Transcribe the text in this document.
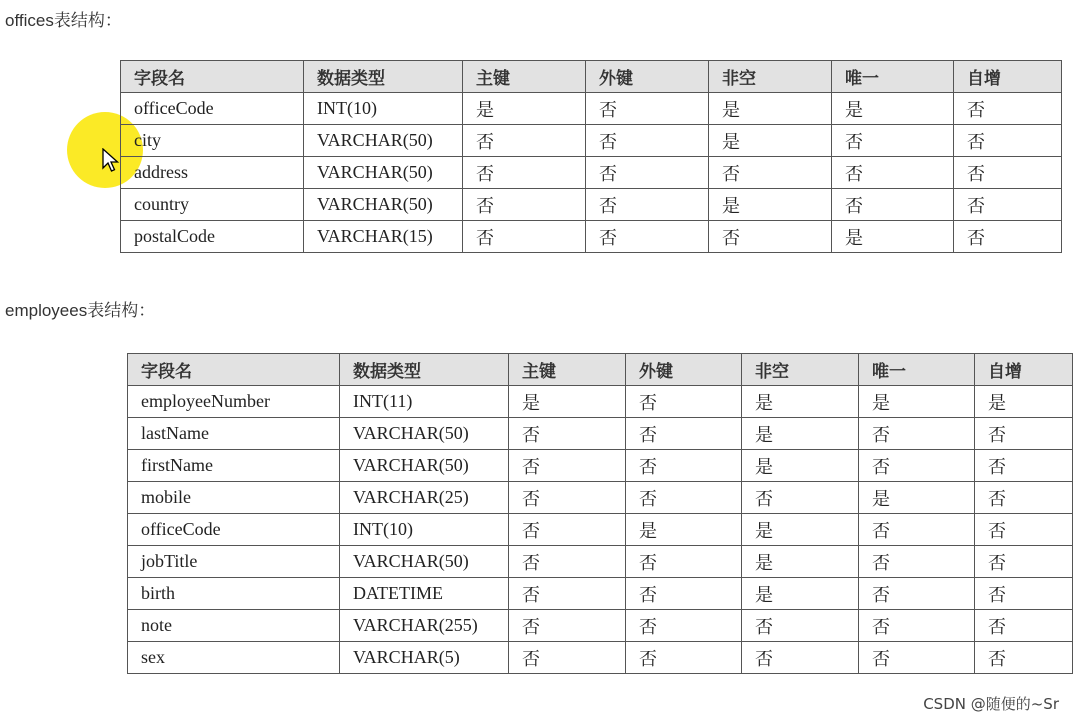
offices表结构：
字段名	数据类型	主键	外键	非空	唯一	自增
officeCode	INT(10)	是	否	是	是	否
city	VARCHAR(50)	否	否	是	否	否
address	VARCHAR(50)	否	否	否	否	否
country	VARCHAR(50)	否	否	是	否	否
postalCode	VARCHAR(15)	否	否	否	是	否
employees表结构：
字段名	数据类型	主键	外键	非空	唯一	自增
employeeNumber	INT(11)	是	否	是	是	是
lastName	VARCHAR(50)	否	否	是	否	否
firstName	VARCHAR(50)	否	否	是	否	否
mobile	VARCHAR(25)	否	否	否	是	否
officeCode	INT(10)	否	是	是	否	否
jobTitle	VARCHAR(50)	否	否	是	否	否
birth	DATETIME	否	否	是	否	否
note	VARCHAR(255)	否	否	否	否	否
sex	VARCHAR(5)	否	否	否	否	否
CSDN @随便的~Sr
